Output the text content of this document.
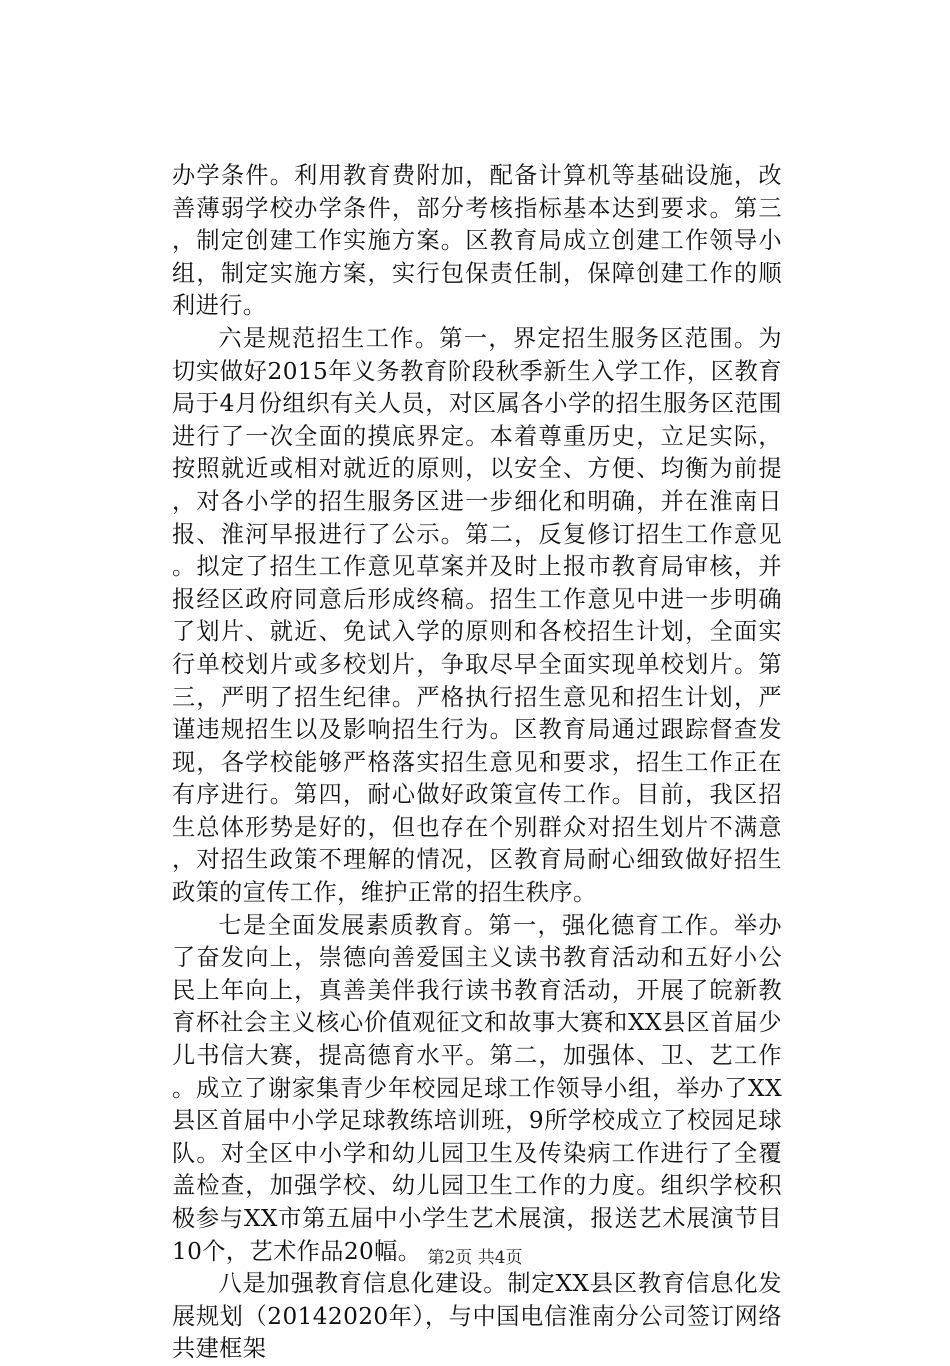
办学条件。利用教育费附加，配备计算机等基础设施，改善薄弱学校办学条件，部分考核指标基本达到要求。第三，制定创建工作实施方案。区教育局成立创建工作领导小组，制定实施方案，实行包保责任制，保障创建工作的顺利进行。

六是规范招生工作。第一，界定招生服务区范围。为切实做好2015年义务教育阶段秋季新生入学工作，区教育局于4月份组织有关人员，对区属各小学的招生服务区范围进行了一次全面的摸底界定。本着尊重历史，立足实际，按照就近或相对就近的原则，以安全、方便、均衡为前提，对各小学的招生服务区进一步细化和明确，并在淮南日报、淮河早报进行了公示。第二，反复修订招生工作意见。拟定了招生工作意见草案并及时上报市教育局审核，并报经区政府同意后形成终稿。招生工作意见中进一步明确了划片、就近、免试入学的原则和各校招生计划，全面实行单校划片或多校划片，争取尽早全面实现单校划片。第三，严明了招生纪律。严格执行招生意见和招生计划，严谨违规招生以及影响招生行为。区教育局通过跟踪督查发现，各学校能够严格落实招生意见和要求，招生工作正在有序进行。第四，耐心做好政策宣传工作。目前，我区招生总体形势是好的，但也存在个别群众对招生划片不满意，对招生政策不理解的情况，区教育局耐心细致做好招生政策的宣传工作，维护正常的招生秩序。

七是全面发展素质教育。第一，强化德育工作。举办了奋发向上，崇德向善爱国主义读书教育活动和五好小公民上年向上，真善美伴我行读书教育活动，开展了皖新教育杯社会主义核心价值观征文和故事大赛和XX县区首届少儿书信大赛，提高德育水平。第二，加强体、卫、艺工作。成立了谢家集青少年校园足球工作领导小组，举办了XX县区首届中小学足球教练培训班，9所学校成立了校园足球队。对全区中小学和幼儿园卫生及传染病工作进行了全覆盖检查，加强学校、幼儿园卫生工作的力度。组织学校积极参与XX市第五届中小学生艺术展演，报送艺术展演节目10个，艺术作品20幅。

八是加强教育信息化建设。制定XX县区教育信息化发展规划（20142020年），与中国电信淮南分公司签订网络共建框架

第2页 共4页
